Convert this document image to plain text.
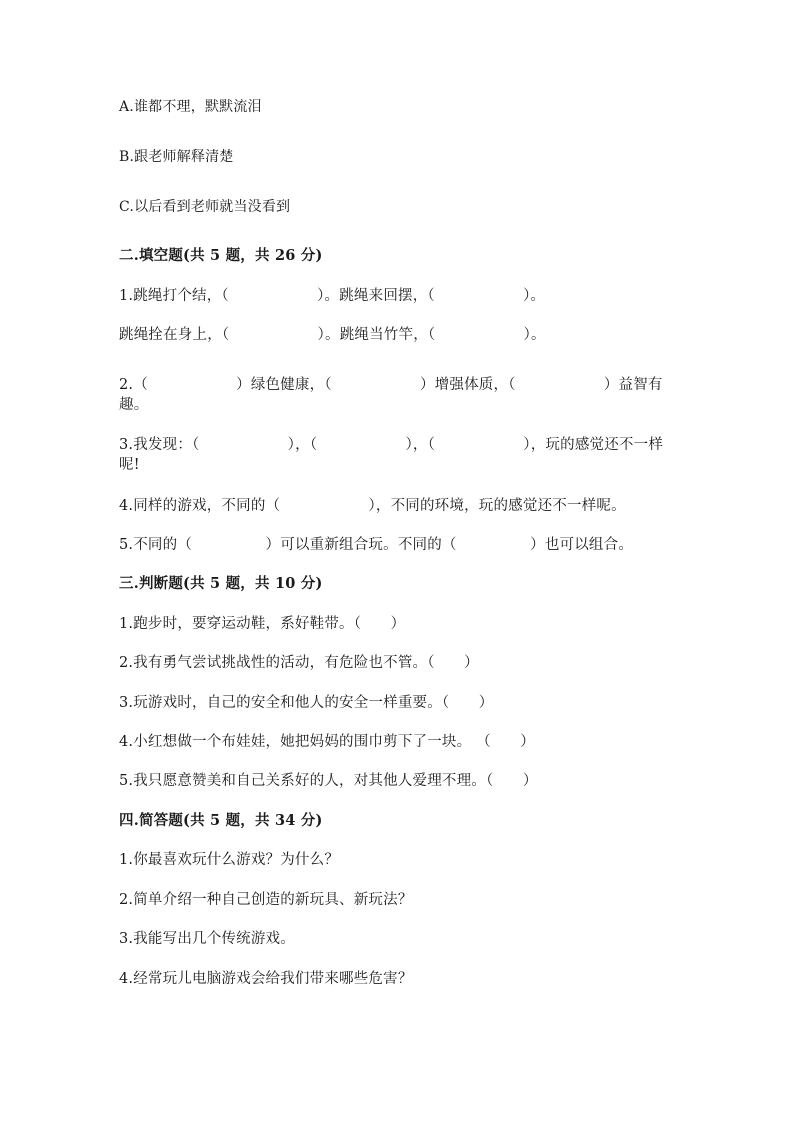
A.谁都不理，默默流泪
B.跟老师解释清楚
C.以后看到老师就当没看到
二.填空题(共 5 题，共 26 分)
1.跳绳打个结，（　　　　　　）。跳绳来回摆，（　　　　　　）。
跳绳拴在身上，（　　　　　　）。跳绳当竹竿，（　　　　　　）。
2.（　　　　　　）绿色健康，（　　　　　　）增强体质，（　　　　　　）益智有趣。
3.我发现：（　　　　　　），（　　　　　　），（　　　　　　），玩的感觉还不一样呢!
4.同样的游戏，不同的（　　　　　　），不同的环境，玩的感觉还不一样呢。
5.不同的（　　　　　）可以重新组合玩。不同的（　　　　　）也可以组合。
三.判断题(共 5 题，共 10 分)
1.跑步时，要穿运动鞋，系好鞋带。（　　）
2.我有勇气尝试挑战性的活动，有危险也不管。（　　）
3.玩游戏时，自己的安全和他人的安全一样重要。（　　）
4.小红想做一个布娃娃，她把妈妈的围巾剪下了一块。 （　　）
5.我只愿意赞美和自己关系好的人，对其他人爱理不理。（　　）
四.简答题(共 5 题，共 34 分)
1.你最喜欢玩什么游戏？为什么？
2.简单介绍一种自己创造的新玩具、新玩法？
3.我能写出几个传统游戏。
4.经常玩儿电脑游戏会给我们带来哪些危害？
